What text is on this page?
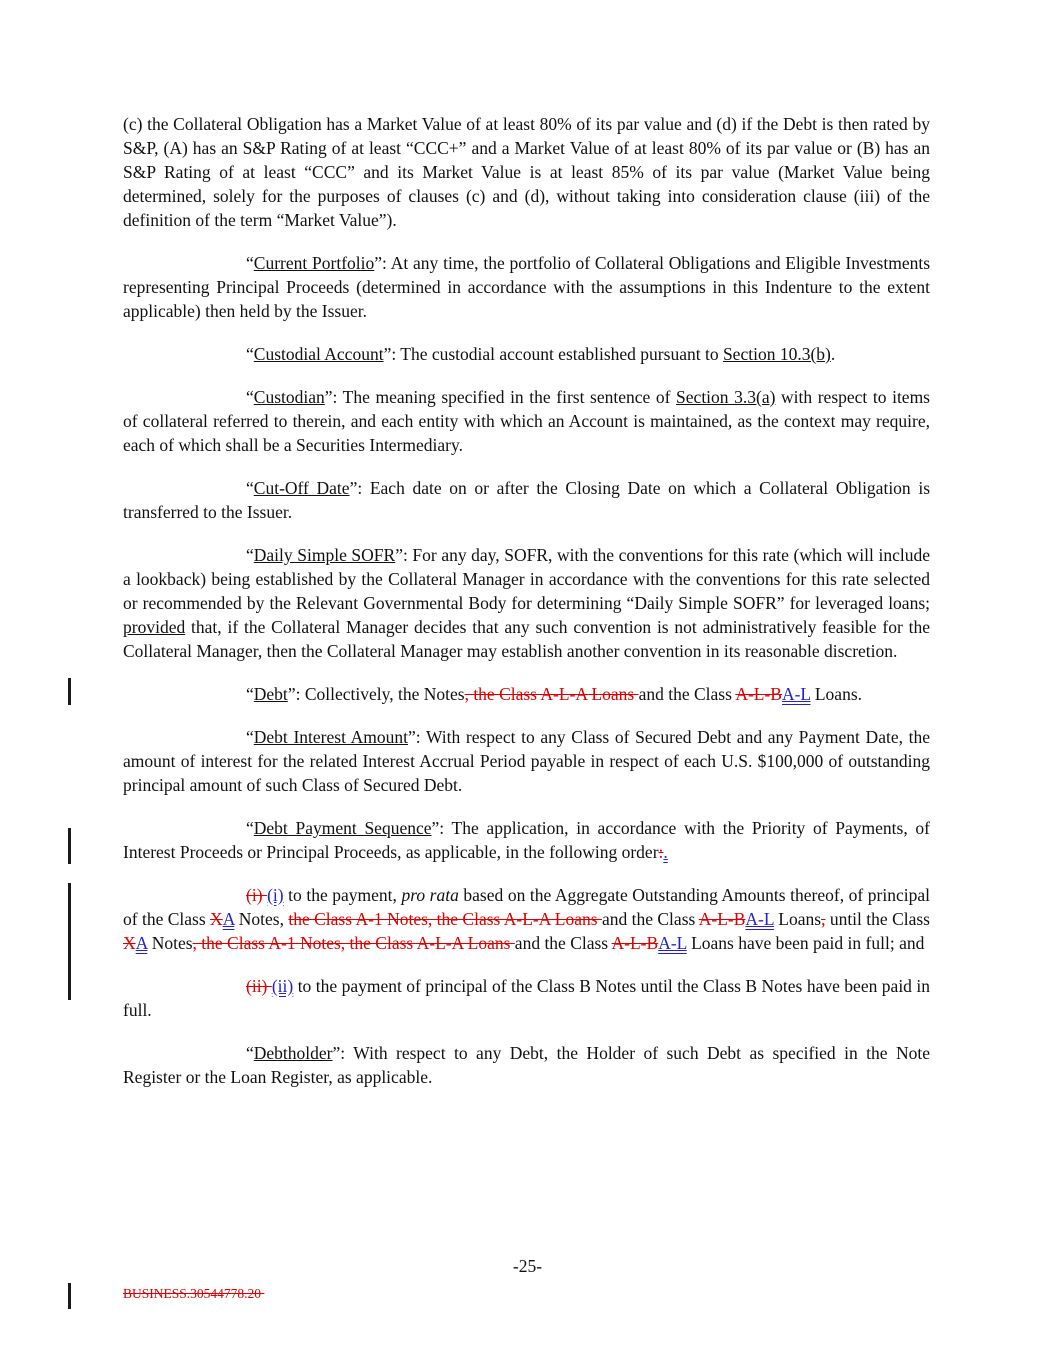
(c) the Collateral Obligation has a Market Value of at least 80% of its par value and (d) if the Debt is then rated by S&P, (A) has an S&P Rating of at least “CCC+” and a Market Value of at least 80% of its par value or (B) has an S&P Rating of at least “CCC” and its Market Value is at least 85% of its par value (Market Value being determined, solely for the purposes of clauses (c) and (d), without taking into consideration clause (iii) of the definition of the term “Market Value”).

“Current Portfolio”: At any time, the portfolio of Collateral Obligations and Eligible Investments representing Principal Proceeds (determined in accordance with the assumptions in this Indenture to the extent applicable) then held by the Issuer.

“Custodial Account”: The custodial account established pursuant to Section 10.3(b).

“Custodian”: The meaning specified in the first sentence of Section 3.3(a) with respect to items of collateral referred to therein, and each entity with which an Account is maintained, as the context may require, each of which shall be a Securities Intermediary.

“Cut-Off Date”: Each date on or after the Closing Date on which a Collateral Obligation is transferred to the Issuer.

“Daily Simple SOFR”: For any day, SOFR, with the conventions for this rate (which will include a lookback) being established by the Collateral Manager in accordance with the conventions for this rate selected or recommended by the Relevant Governmental Body for determining “Daily Simple SOFR” for leveraged loans; provided that, if the Collateral Manager decides that any such convention is not administratively feasible for the Collateral Manager, then the Collateral Manager may establish another convention in its reasonable discretion.

“Debt”: Collectively, the Notes, the Class A-L-A Loans and the Class A-L-BA-L Loans.

“Debt Interest Amount”: With respect to any Class of Secured Debt and any Payment Date, the amount of interest for the related Interest Accrual Period payable in respect of each U.S. $100,000 of outstanding principal amount of such Class of Secured Debt.

“Debt Payment Sequence”: The application, in accordance with the Priority of Payments, of Interest Proceeds or Principal Proceeds, as applicable, in the following order:.

(i) (i) to the payment, pro rata based on the Aggregate Outstanding Amounts thereof, of principal of the Class XA Notes, the Class A-1 Notes, the Class A-L-A Loans and the Class A-L-BA-L Loans, until the Class XA Notes, the Class A-1 Notes, the Class A-L-A Loans and the Class A-L-BA-L Loans have been paid in full; and

(ii) (ii) to the payment of principal of the Class B Notes until the Class B Notes have been paid in full.

“Debtholder”: With respect to any Debt, the Holder of such Debt as specified in the Note Register or the Loan Register, as applicable.

-25-
BUSINESS.30544778.20
